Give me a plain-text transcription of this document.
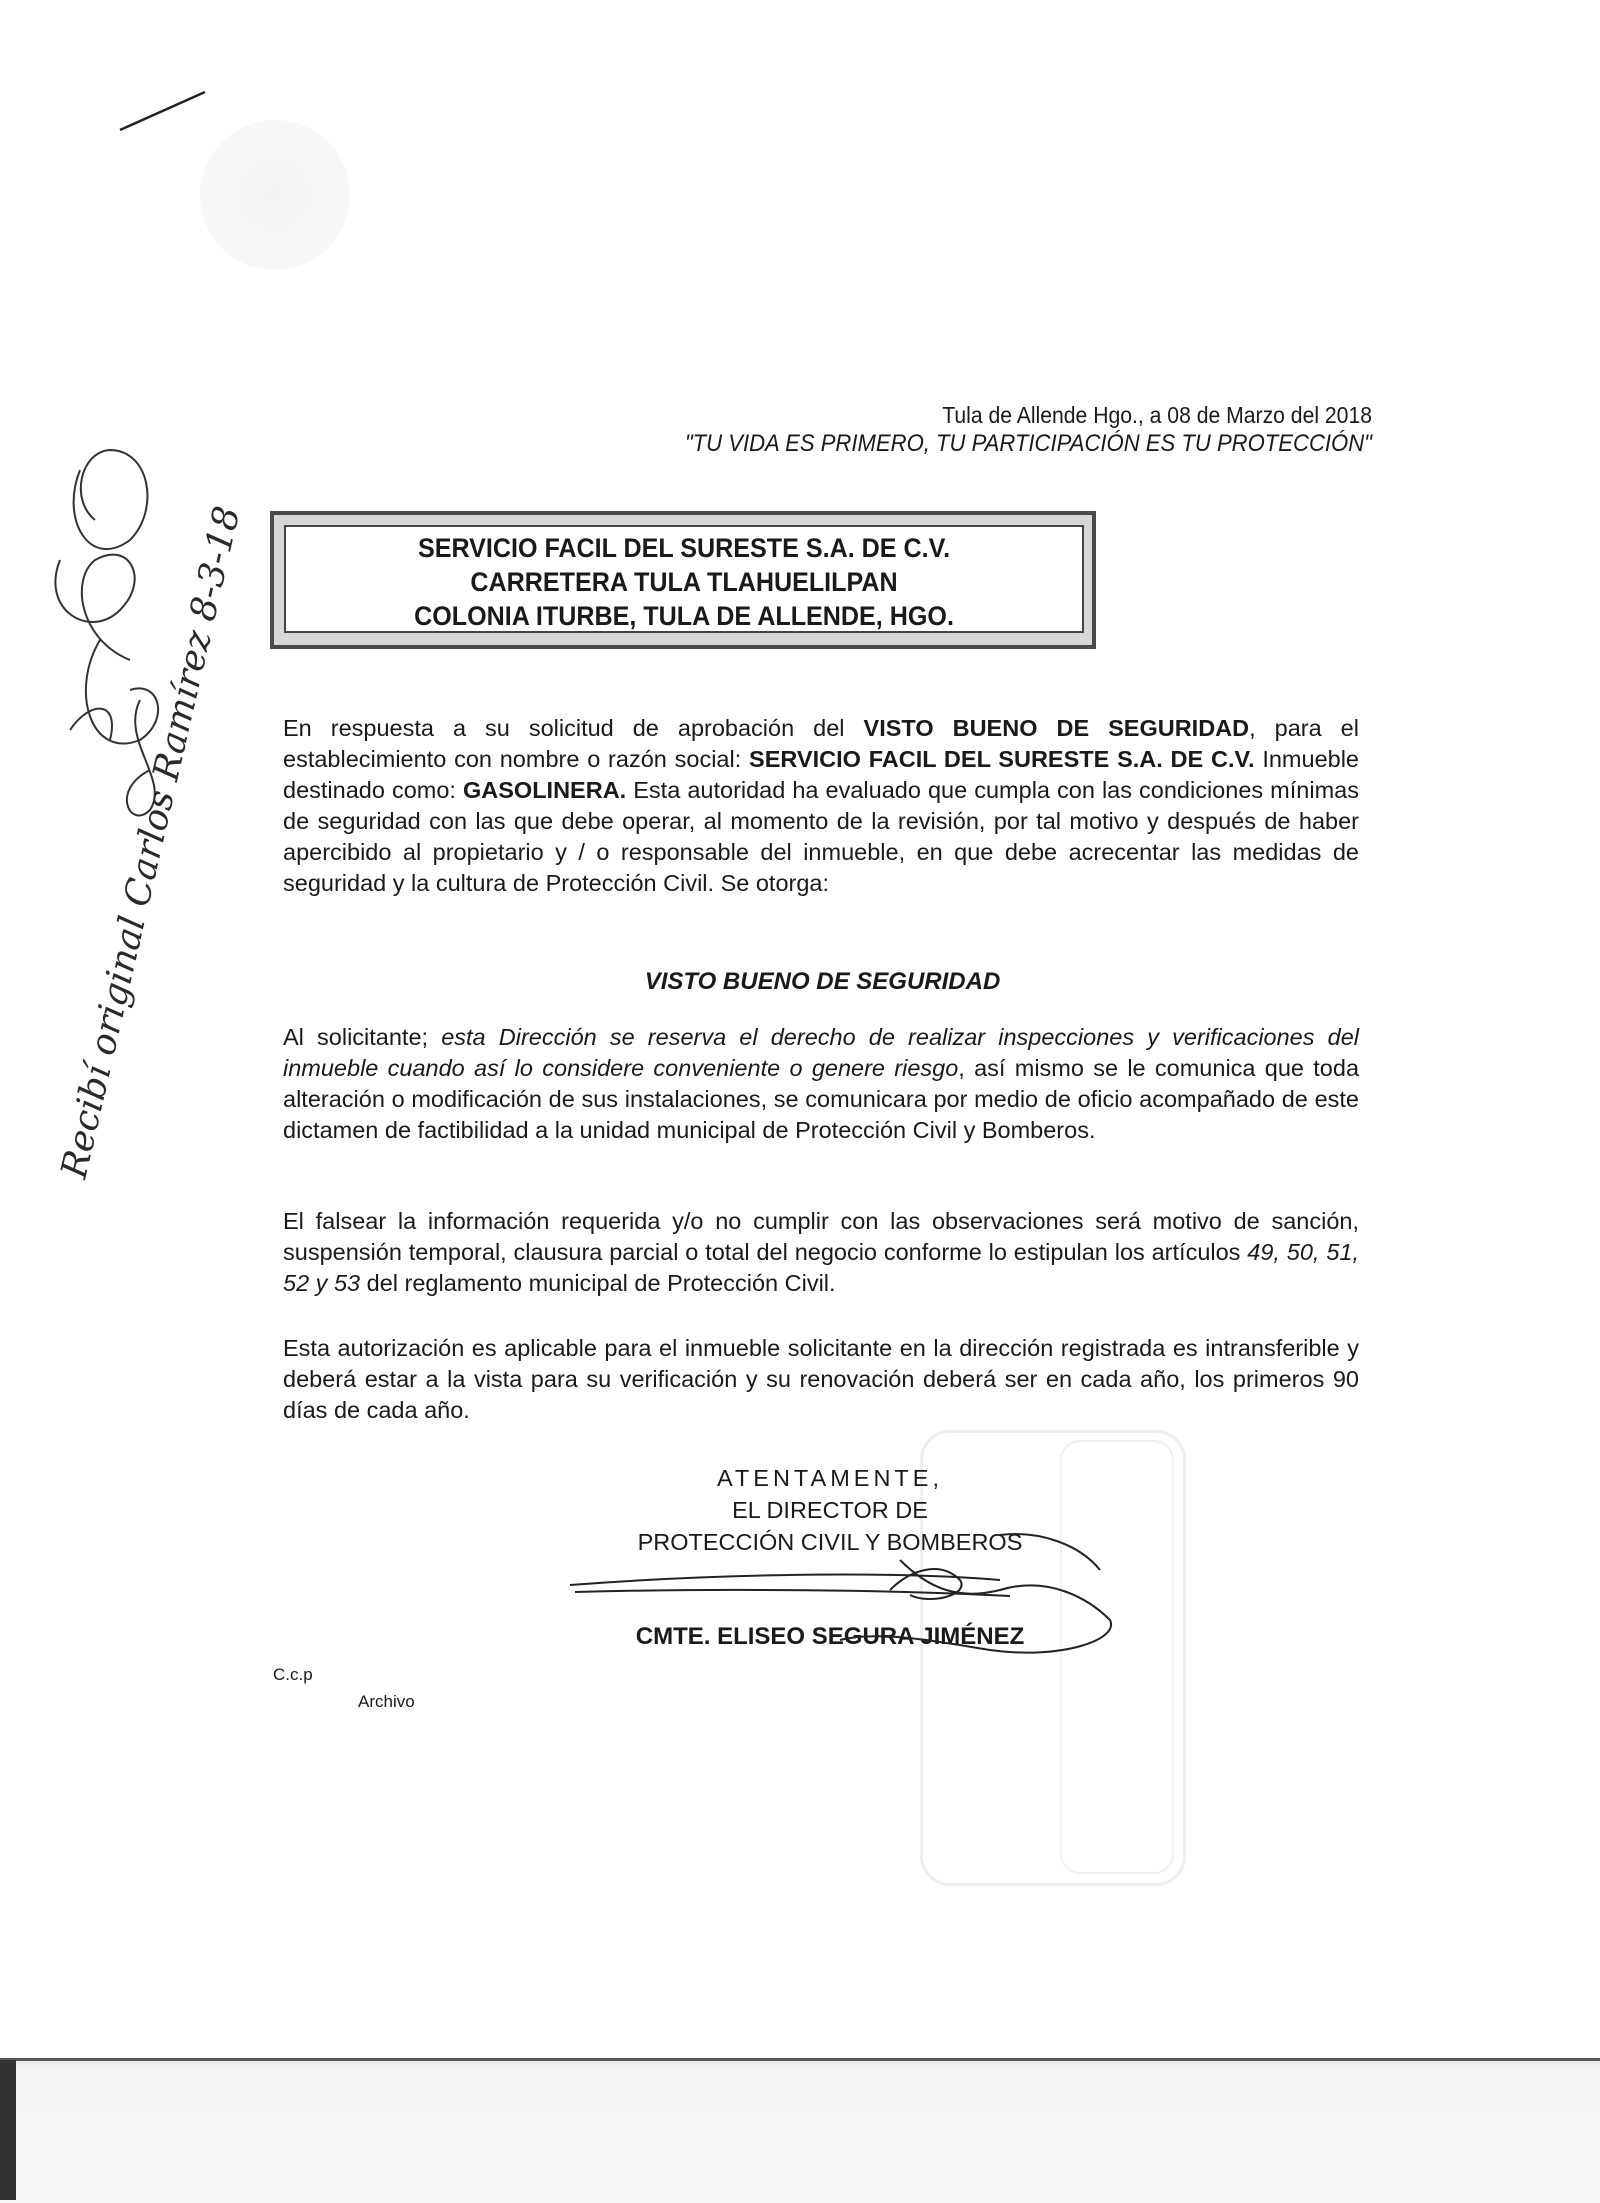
Tula de Allende Hgo., a 08 de Marzo del 2018
"TU VIDA ES PRIMERO, TU PARTICIPACIÓN ES TU PROTECCIÓN"
SERVICIO FACIL DEL SURESTE S.A. DE C.V.
CARRETERA TULA TLAHUELILPAN
COLONIA ITURBE, TULA DE ALLENDE, HGO.
En respuesta a su solicitud de aprobación del VISTO BUENO DE SEGURIDAD, para el establecimiento con nombre o razón social: SERVICIO FACIL DEL SURESTE S.A. DE C.V. Inmueble destinado como: GASOLINERA. Esta autoridad ha evaluado que cumpla con las condiciones mínimas de seguridad con las que debe operar, al momento de la revisión, por tal motivo y después de haber apercibido al propietario y / o responsable del inmueble, en que debe acrecentar las medidas de seguridad y la cultura de Protección Civil. Se otorga:
VISTO BUENO DE SEGURIDAD
Al solicitante; esta Dirección se reserva el derecho de realizar inspecciones y verificaciones del inmueble cuando así lo considere conveniente o genere riesgo, así mismo se le comunica que toda alteración o modificación de sus instalaciones, se comunicara por medio de oficio acompañado de este dictamen de factibilidad a la unidad municipal de Protección Civil y Bomberos.
El falsear la información requerida y/o no cumplir con las observaciones será motivo de sanción, suspensión temporal, clausura parcial o total del negocio conforme lo estipulan los artículos 49, 50, 51, 52 y 53 del reglamento municipal de Protección Civil.
Esta autorización es aplicable para el inmueble solicitante en la dirección registrada es intransferible y deberá estar a la vista para su verificación y su renovación deberá ser en cada año, los primeros 90 días de cada año.
ATENTAMENTE,
EL DIRECTOR DE
PROTECCIÓN CIVIL Y BOMBEROS
CMTE. ELISEO SEGURA JIMÉNEZ
C.c.p
Archivo
Recibí original Carlos Ramírez 8-3-18
